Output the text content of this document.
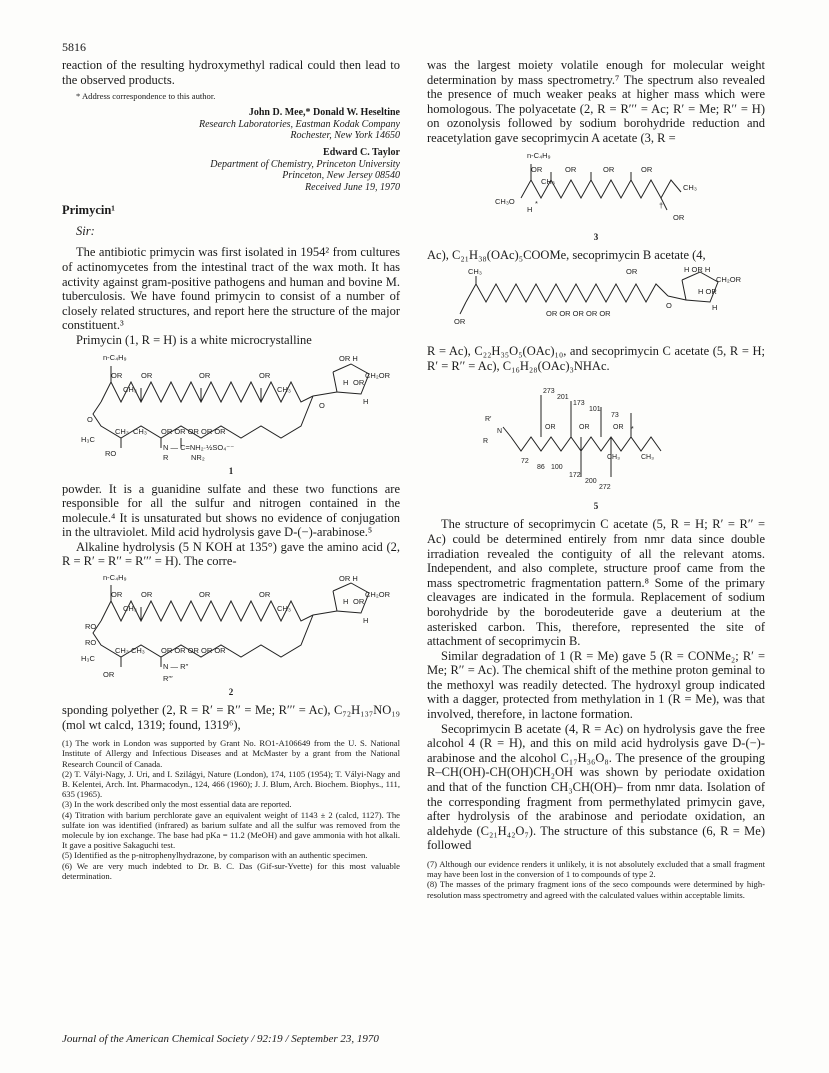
5816

reaction of the resulting hydroxymethyl radical could then lead to the observed products.

* Address correspondence to this author.

John D. Mee,* Donald W. Heseltine

Research Laboratories, Eastman Kodak Company

Rochester, New York 14650

Edward C. Taylor

Department of Chemistry, Princeton University

Princeton, New Jersey 08540

Received June 19, 1970

Primycin¹
Sir:

The antibiotic primycin was first isolated in 1954² from cultures of actinomycetes from the intestinal tract of the wax moth. It has activity against gram-positive pathogens and human and bovine M. tuberculosis. We have found primycin to consist of a number of closely related structures, and report here the structure of the major constituent.³

Primycin (1, R = H) is a white microcrystalline

n-C₄H₉
OR	OR	OR	OR
CH₃	CH₃
OR H
CH₂OR
H OR
H
O
O
H₃C
CH₃ CH₃ OR OR OR OR OR
N — C=NH₂·½SO₄⁻⁻
RO	R	NR₂
1

powder. It is a guanidine sulfate and these two functions are responsible for all the sulfur and nitrogen contained in the molecule.⁴ It is unsaturated but shows no evidence of conjugation in the ultraviolet. Mild acid hydrolysis gave D-(−)-arabinose.⁵

Alkaline hydrolysis (5 N KOH at 135°) gave the amino acid (2, R = R′ = R′′ = R′′′ = H). The corre-

n-C₄H₉
OR	OR	OR	OR
CH₃	CH₃
OR H
CH₂OR
H OR
H
RO
RO
H₃C
CH₃ CH₃ OR OR OR OR OR
N — R′′
OR	R′′′
2

sponding polyether (2, R = R′ = R′′ = Me; R′′′ = Ac), C₇₂H₁₃₇NO₁₉ (mol wt calcd, 1319; found, 1319⁶),

(1) The work in London was supported by Grant No. RO1-A106649 from the U. S. National Institute of Allergy and Infectious Diseases and at McMaster by a grant from the National Research Council of Canada.

(2) T. Vályi-Nagy, J. Uri, and I. Szilágyi, Nature (London), 174, 1105 (1954); T. Vályi-Nagy and B. Kelentei, Arch. Int. Pharmacodyn., 124, 466 (1960); J. J. Blum, Arch. Biochem. Biophys., 111, 635 (1965).

(3) In the work described only the most essential data are reported.

(4) Titration with barium perchlorate gave an equivalent weight of 1143 ± 2 (calcd, 1127). The sulfate ion was identified (infrared) as barium sulfate and all the sulfur was removed from the molecule by ion exchange. The base had pKa = 11.2 (MeOH) and gave ammonia with hot alkali. It gave a positive Sakaguchi test.

(5) Identified as the p-nitrophenylhydrazone, by comparison with an authentic specimen.

(6) We are very much indebted to Dr. B. C. Das (Gif-sur-Yvette) for this most valuable determination.

was the largest moiety volatile enough for molecular weight determination by mass spectrometry.⁷ The spectrum also revealed the presence of much weaker peaks at higher mass which were homologous. The polyacetate (2, R = R′′′ = Ac; R′ = Me; R′′ = H) on ozonolysis followed by sodium borohydride reduction and reacetylation gave secoprimycin A acetate (3, R =

n-C₄H₉
OR	OR	OR	OR
CH₃
CH₃
CH₃O
H
*	†
OR
3

Ac), C₂₁H₃₈(OAc)₅COOMe, secoprimycin B acetate (4,

CH₃	OR	H OR H
CH₂OR
H OR
H
OR
OR OR OR OR OR
O

R = Ac), C₂₂H₃₅O₅(OAc)₁₀, and secoprimycin C acetate (5, R = H; R′ = R′′ = Ac), C₁₆H₂₈(OAc)₃NHAc.

273
201
173
101
73
R′
N
R
OR	OR	OR *
72
86 100
172
200
272
CH₃	CH₃
5

The structure of secoprimycin C acetate (5, R = H; R′ = R′′ = Ac) could be determined entirely from nmr data since double irradiation revealed the contiguity of all the relevant atoms. Independent, and also complete, structure proof came from the mass spectrometric fragmentation pattern.⁸ Some of the primary cleavages are indicated in the formula. Replacement of sodium borohydride by the borodeuteride gave a deuterium at the asterisked carbon. This, therefore, represented the site of attachment of secoprimycin B.

Similar degradation of 1 (R = Me) gave 5 (R = CONMe₂; R′ = Me; R′′ = Ac). The chemical shift of the methine proton geminal to the methoxyl was readily detected. The hydroxyl group indicated with a dagger, protected from methylation in 1 (R = Me), was that involved, therefore, in lactone formation.

Secoprimycin B acetate (4, R = Ac) on hydrolysis gave the free alcohol 4 (R = H), and this on mild acid hydrolysis gave D-(−)-arabinose and the alcohol C₁₇H₃₆O₈. The presence of the grouping R–CH(OH)-CH(OH)CH₂OH was shown by periodate oxidation and that of the function CH₃CH(OH)– from nmr data. Isolation of the corresponding fragment from permethylated primycin gave, after hydrolysis of the arabinose and periodate oxidation, an aldehyde (C₂₁H₄₂O₇). The structure of this substance (6, R = Me) followed

(7) Although our evidence renders it unlikely, it is not absolutely excluded that a small fragment may have been lost in the conversion of 1 to compounds of type 2.

(8) The masses of the primary fragment ions of the seco compounds were determined by high-resolution mass spectrometry and agreed with the calculated values within acceptable limits.

Journal of the American Chemical Society / 92:19 / September 23, 1970
